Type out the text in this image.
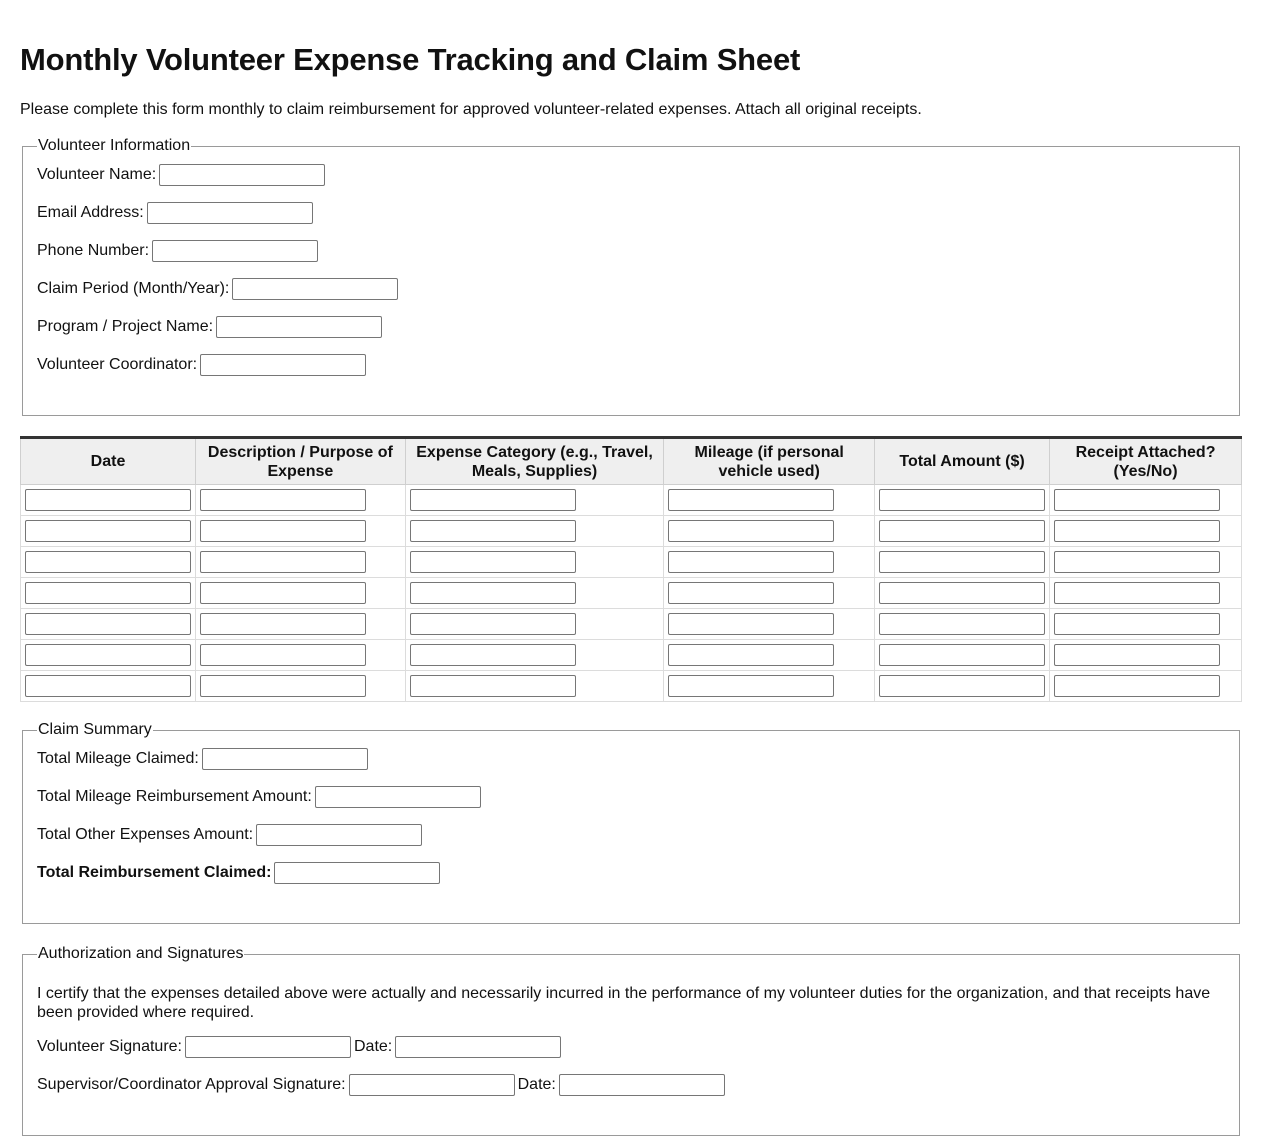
Monthly Volunteer Expense Tracking and Claim Sheet

Please complete this form monthly to claim reimbursement for approved volunteer-related expenses. Attach all original receipts.

Volunteer Information
Volunteer Name:
Email Address:
Phone Number:
Claim Period (Month/Year):
Program / Project Name:
Volunteer Coordinator:
Date	Description / Purpose of Expense	Expense Category (e.g., Travel, Meals, Supplies)	Mileage (if personal vehicle used)	Total Amount ($)	Receipt Attached? (Yes/No)

Claim Summary
Total Mileage Claimed:
Total Mileage Reimbursement Amount:
Total Other Expenses Amount:
Total Reimbursement Claimed:
Authorization and Signatures

I certify that the expenses detailed above were actually and necessarily incurred in the performance of my volunteer duties for the organization, and that receipts have been provided where required.

Volunteer Signature:	Date:
Supervisor/Coordinator Approval Signature:	Date:
